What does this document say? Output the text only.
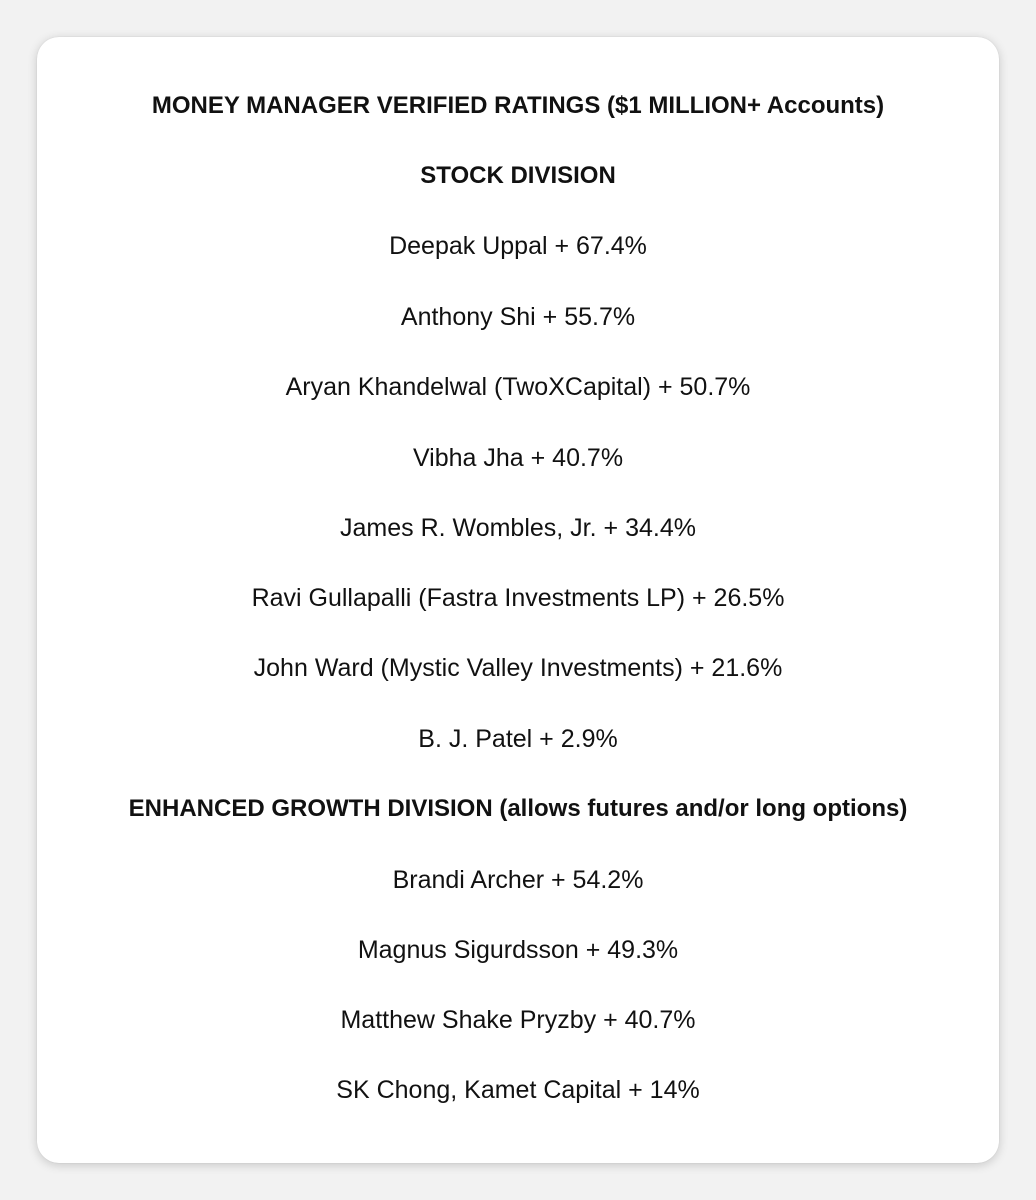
MONEY MANAGER VERIFIED RATINGS ($1 MILLION+ Accounts)
STOCK DIVISION
Deepak Uppal + 67.4%
Anthony Shi + 55.7%
Aryan Khandelwal (TwoXCapital) + 50.7%
Vibha Jha + 40.7%
James R. Wombles, Jr. + 34.4%
Ravi Gullapalli (Fastra Investments LP) + 26.5%
John Ward (Mystic Valley Investments) + 21.6%
B. J. Patel + 2.9%
ENHANCED GROWTH DIVISION (allows futures and/or long options)
Brandi Archer + 54.2%
Magnus Sigurdsson + 49.3%
Matthew Shake Pryzby + 40.7%
SK Chong, Kamet Capital + 14%
